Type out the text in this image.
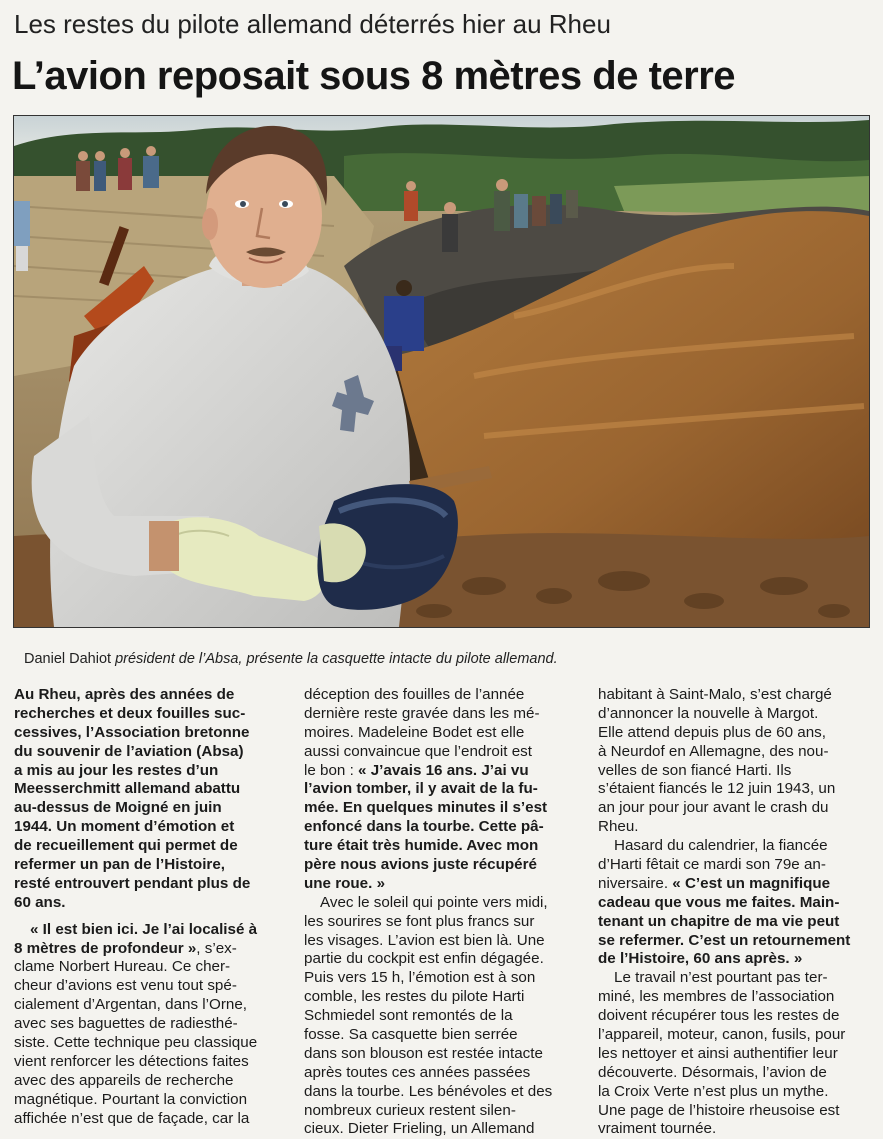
Les restes du pilote allemand déterrés hier au Rheu
L’avion reposait sous 8 mètres de terre
Daniel Dahiot président de l’Absa, présente la casquette intacte du pilote allemand.
Au Rheu, après des années de
recherches et deux fouilles suc-
cessives, l’Association bretonne
du souvenir de l’aviation (Absa)
a mis au jour les restes d’un
Meesserchmitt allemand abattu
au-dessus de Moigné en juin
1944. Un moment d’émotion et
de recueillement qui permet de
refermer un pan de l’Histoire,
resté entrouvert pendant plus de
60 ans.
« Il est bien ici. Je l’ai localisé à
8 mètres de profondeur », s’ex-
clame Norbert Hureau. Ce cher-
cheur d’avions est venu tout spé-
cialement d’Argentan, dans l’Orne,
avec ses baguettes de radiesthé-
siste. Cette technique peu classique
vient renforcer les détections faites
avec des appareils de recherche
magnétique. Pourtant la conviction
affichée n’est que de façade, car la
déception des fouilles de l’année
dernière reste gravée dans les mé-
moires. Madeleine Bodet est elle
aussi convaincue que l’endroit est
le bon : « J’avais 16 ans. J’ai vu
l’avion tomber, il y avait de la fu-
mée. En quelques minutes il s’est
enfoncé dans la tourbe. Cette pâ-
ture était très humide. Avec mon
père nous avions juste récupéré
une roue. »
Avec le soleil qui pointe vers midi,
les sourires se font plus francs sur
les visages. L’avion est bien là. Une
partie du cockpit est enfin dégagée.
Puis vers 15 h, l’émotion est à son
comble, les restes du pilote Harti
Schmiedel sont remontés de la
fosse. Sa casquette bien serrée
dans son blouson est restée intacte
après toutes ces années passées
dans la tourbe. Les bénévoles et des
nombreux curieux restent silen-
cieux. Dieter Frieling, un Allemand
habitant à Saint-Malo, s’est chargé
d’annoncer la nouvelle à Margot.
Elle attend depuis plus de 60 ans,
à Neurdof en Allemagne, des nou-
velles de son fiancé Harti. Ils
s’étaient fiancés le 12 juin 1943, un
an jour pour jour avant le crash du
Rheu.
Hasard du calendrier, la fiancée
d’Harti fêtait ce mardi son 79e an-
niversaire. « C’est un magnifique
cadeau que vous me faites. Main-
tenant un chapitre de ma vie peut
se refermer. C’est un retournement
de l’Histoire, 60 ans après. »
Le travail n’est pourtant pas ter-
miné, les membres de l’association
doivent récupérer tous les restes de
l’appareil, moteur, canon, fusils, pour
les nettoyer et ainsi authentifier leur
découverte. Désormais, l’avion de
la Croix Verte n’est plus un mythe.
Une page de l’histoire rheusoise est
vraiment tournée.
